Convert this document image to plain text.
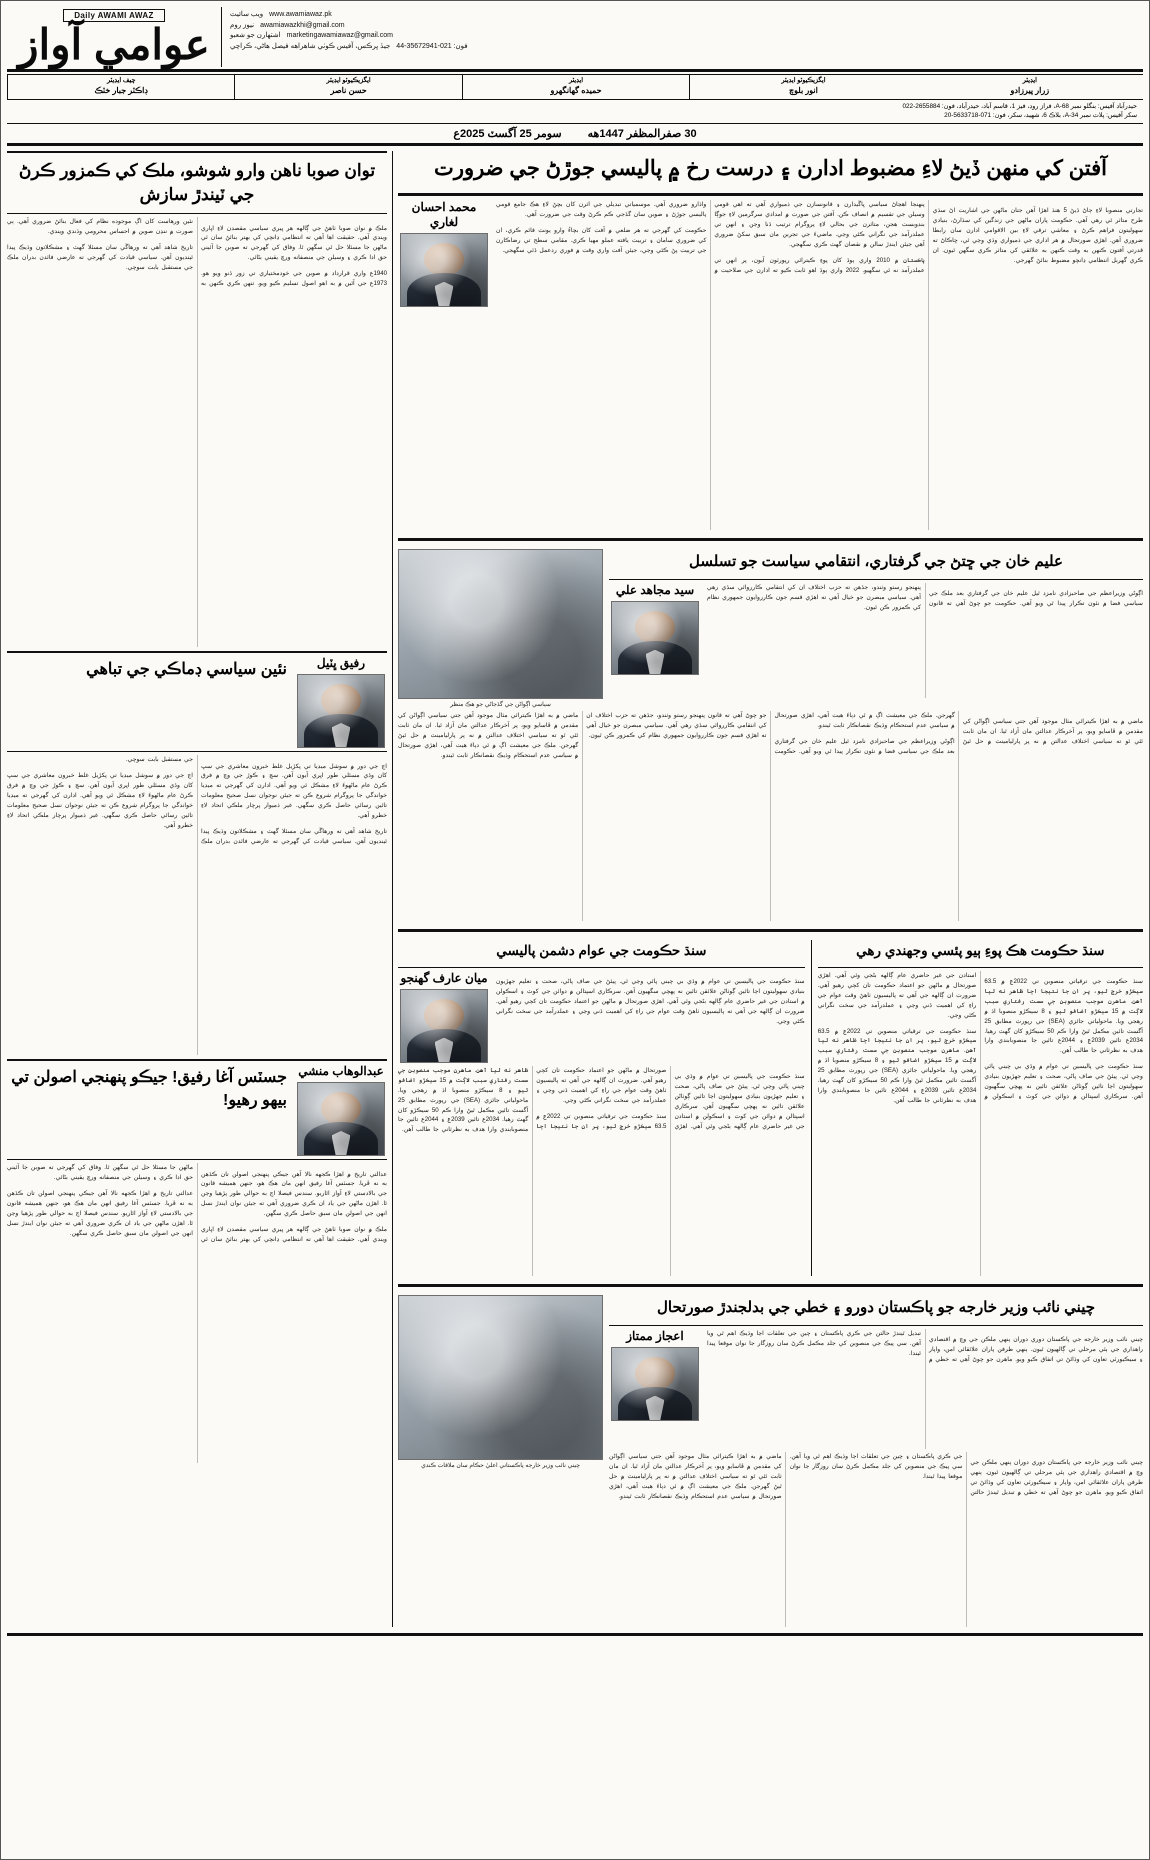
Daily AWAMI AWAZ
عوامي آواز
ويب سائيٽ www.awamiawaz.pk
نيوز روم awamiawazkhi@gmail.com
اشتهارن جو شعبو marketingawamiawaz@gmail.com
جيڏ ڀرڪس، آفيس ڪوٺي شاهراهه فيصل هاڻي، ڪراچي فون: 021-35672941-44
چيف ايڊيٽر
ڊاڪٽر جبار خٽڪ
ايگزيڪيوٽو ايڊيٽر
حسن ناصر
ايڊيٽر
حميده گهانگهرو
ايگزيڪيوٽو ايڊيٽر
انور بلوچ
ايڊيٽر
زرار پيرزادو
حيدرآباد آفيس: بنگلو نمبر 68-A، فراز روڊ، فيز 1، قاسم آباد، حيدرآباد، فون: 2655884-022
سکر آفيس: پلاٽ نمبر 34-A، بلاڪ 6، شهيد، سکر، فون: 071-5633718-20
سومر 25 آگسٽ 2025ع 30 صفرالمظفر 1447هه
توان صوبا ناهن وارو شوشو، ملڪ کي ڪمزور ڪرڻ جي ٽيندڙ سازش

ملڪ ۾ نوان صوبا ٺاهڻ جي ڳالهه هر ڀيري سياسي مقصدن لاءِ اڀاري ويندي آهي. حقيقت اها آهي ته انتظامي ڍانچي کي بهتر بنائڻ سان ئي ماڻهن جا مسئلا حل ٿي سگهن ٿا. وفاق کي گهرجي ته صوبن جا آئيني حق ادا ڪري ۽ وسيلن جي منصفانه ورڇ يقيني بڻائي.

1940ع واري قرارداد ۾ صوبن جي خودمختياري تي زور ڏنو ويو هو. 1973ع جي آئين ۾ به اهو اصول تسليم ڪيو ويو. تنهن ڪري ڪنهن به نئين ورهاست کان اڳ موجوده نظام کي فعال بنائڻ ضروري آهي. ٻي صورت ۾ ننڍن صوبن ۾ احساس محرومي وڌندي ويندي.

تاريخ شاهد آهي ته ورهاڱي سان مسئلا گهٽ ۽ مشڪلاتون وڌيڪ پيدا ٿينديون آهن. سياسي قيادت کي گهرجي ته عارضي فائدن بدران ملڪ جي مستقبل بابت سوچي.

نئين سياسي ڊماڪي جي تباهي رفيق ڀٽيل

اڄ جي دور ۾ سوشل ميڊيا تي پکڙيل غلط خبرون معاشري جي سڀ کان وڏي مسئلي طور اڀري آيون آهن. سچ ۽ ڪوڙ جي وچ ۾ فرق ڪرڻ عام ماڻهوءَ لاءِ مشڪل ٿي ويو آهي. ادارن کي گهرجي ته ميڊيا خواندگي جا پروگرام شروع ڪن ته جيئن نوجوان نسل صحيح معلومات تائين رسائي حاصل ڪري سگهي. غير ذميوار پرچار ملڪي اتحاد لاءِ خطرو آهي.

تاريخ شاهد آهي ته ورهاڱي سان مسئلا گهٽ ۽ مشڪلاتون وڌيڪ پيدا ٿينديون آهن. سياسي قيادت کي گهرجي ته عارضي فائدن بدران ملڪ جي مستقبل بابت سوچي.

اڄ جي دور ۾ سوشل ميڊيا تي پکڙيل غلط خبرون معاشري جي سڀ کان وڏي مسئلي طور اڀري آيون آهن. سچ ۽ ڪوڙ جي وچ ۾ فرق ڪرڻ عام ماڻهوءَ لاءِ مشڪل ٿي ويو آهي. ادارن کي گهرجي ته ميڊيا خواندگي جا پروگرام شروع ڪن ته جيئن نوجوان نسل صحيح معلومات تائين رسائي حاصل ڪري سگهي. غير ذميوار پرچار ملڪي اتحاد لاءِ خطرو آهي.

جسٽس آغا رفيق! جيڪو پنهنجي اصولن تي بيهو رهيو!
عبدالوهاب منشي

عدالتي تاريخ ۾ اهڙا ڪجهه نالا آهن جيڪي پنهنجي اصولن تان ڪڏهن به نه ڦريا. جسٽس آغا رفيق انهن مان هڪ هو، جنهن هميشه قانون جي بالادستي لاءِ آواز اٿاريو. سندس فيصلا اڄ به حوالي طور پڙهيا وڃن ٿا. اهڙن ماڻهن جي ياد ان ڪري ضروري آهي ته جيئن نوان ايندڙ نسل انهن جي اصولن مان سبق حاصل ڪري سگهن.

ملڪ ۾ نوان صوبا ٺاهڻ جي ڳالهه هر ڀيري سياسي مقصدن لاءِ اڀاري ويندي آهي. حقيقت اها آهي ته انتظامي ڍانچي کي بهتر بنائڻ سان ئي ماڻهن جا مسئلا حل ٿي سگهن ٿا. وفاق کي گهرجي ته صوبن جا آئيني حق ادا ڪري ۽ وسيلن جي منصفانه ورڇ يقيني بڻائي.

عدالتي تاريخ ۾ اهڙا ڪجهه نالا آهن جيڪي پنهنجي اصولن تان ڪڏهن به نه ڦريا. جسٽس آغا رفيق انهن مان هڪ هو، جنهن هميشه قانون جي بالادستي لاءِ آواز اٿاريو. سندس فيصلا اڄ به حوالي طور پڙهيا وڃن ٿا. اهڙن ماڻهن جي ياد ان ڪري ضروري آهي ته جيئن نوان ايندڙ نسل انهن جي اصولن مان سبق حاصل ڪري سگهن.

آفتن کي منهن ڏيڻ لاءِ مضبوط ادارن ۽ درست رخ ۾ پاليسي جوڙڻ جي ضرورت
محمد احسان لغاري

تجارتي منصوبا لاءِ ڄاڻ ڏيڻ 5 هنڌ اهڙا آهن جتان ماڻهن جي اشاريت اڻ سڌي طرح متاثر ٿي رهي آهي. حڪومت پاران ماڻهن جي زندگين کي سڌارڻ، بنيادي سهوليتون فراهم ڪرڻ ۽ معاشي ترقي لاءِ بين الاقوامي ادارن سان رابطا ضروري آهن. اهڙي صورتحال ۾ هر اداري جي ذميواري وڌي وڃي ٿي، ڇاڪاڻ ته قدرتي آفتون ڪنهن به وقت ڪنهن به علائقي کي متاثر ڪري سگهن ٿيون. ان ڪري گهربل انتظامي ڍانچو مضبوط بنائڻ گهرجي.

پنهنجا اهڃاڻ سياسي ڀاڱيدارن ۽ قانونسازن جي ذميواري آهي ته اهي قومي وسيلن جي تقسيم ۾ انصاف ڪن. آفتن جي صورت ۾ امدادي سرگرمين لاءِ جوڳا بندوبست هجن، متاثرن جي بحالي لاءِ پروگرام ترتيب ڏنا وڃن ۽ انهن تي عملدرآمد جي نگراني ڪئي وڃي. ماضيءَ جي تجربن مان سبق سکڻ ضروري آهي جيئن ايندڙ سالن ۾ نقصان گهٽ ڪري سگهجي.

پاڪستان ۾ 2010 واري ٻوڏ کان پوءِ ڪيترائي رپورٽون آيون، پر انهن تي عملدرآمد نه ٿي سگهيو. 2022 واري ٻوڏ اهو ثابت ڪيو ته ادارن جي صلاحيت ۾ واڌارو ضروري آهي. موسمياتي تبديلي جي اثرن کان بچڻ لاءِ هڪ جامع قومي پاليسي جوڙڻ ۽ صوبن سان گڏجي ڪم ڪرڻ وقت جي ضرورت آهي.

حڪومت کي گهرجي ته هر ضلعي ۾ آفت کان بچاءُ وارو يونٽ قائم ڪري، ان کي ضروري سامان ۽ تربيت يافته عملو مهيا ڪري. مقامي سطح تي رضاڪارن جي تربيت پڻ ڪئي وڃي، جيئن آفت واري وقت ۾ فوري ردعمل ڏئي سگهجي.

سياسي اڳواڻن جي گڏجاڻي جو هڪ منظر
عليم خان جي ڇتڻ جي گرفتاري، انتقامي سياست جو تسلسل
سيد مجاهد علي	اڳوڻي وزيراعظم جي صاحبزادي نامزد ٿيل عليم خان جي گرفتاري بعد ملڪ جي سياسي فضا ۾ نئون تڪرار پيدا ٿي ويو آهي. حڪومت جو چوڻ آهي ته قانون پنهنجو رستو وٺندو، جڏهن ته حزب اختلاف ان کي انتقامي ڪارروائي سڏي رهي آهي. سياسي مبصرن جو خيال آهي ته اهڙي قسم جون ڪارروايون جمهوري نظام کي ڪمزور ڪن ٿيون.

ماضي ۾ به اهڙا ڪيترائي مثال موجود آهن جتي سياسي اڳواڻن کي مقدمن ۾ ڦاسايو ويو، پر آخرڪار عدالتن مان آزاد ٿيا. ان مان ثابت ٿئي ٿو ته سياسي اختلاف عدالتن ۾ نه پر پارليامينٽ ۾ حل ٿيڻ گهرجن. ملڪ جي معيشت اڳ ۾ ئي دٻاءَ هيٺ آهي، اهڙي صورتحال ۾ سياسي عدم استحڪام وڌيڪ نقصانڪار ثابت ٿيندو.

اڳوڻي وزيراعظم جي صاحبزادي نامزد ٿيل عليم خان جي گرفتاري بعد ملڪ جي سياسي فضا ۾ نئون تڪرار پيدا ٿي ويو آهي. حڪومت جو چوڻ آهي ته قانون پنهنجو رستو وٺندو، جڏهن ته حزب اختلاف ان کي انتقامي ڪارروائي سڏي رهي آهي. سياسي مبصرن جو خيال آهي ته اهڙي قسم جون ڪارروايون جمهوري نظام کي ڪمزور ڪن ٿيون.

ماضي ۾ به اهڙا ڪيترائي مثال موجود آهن جتي سياسي اڳواڻن کي مقدمن ۾ ڦاسايو ويو، پر آخرڪار عدالتن مان آزاد ٿيا. ان مان ثابت ٿئي ٿو ته سياسي اختلاف عدالتن ۾ نه پر پارليامينٽ ۾ حل ٿيڻ گهرجن. ملڪ جي معيشت اڳ ۾ ئي دٻاءَ هيٺ آهي، اهڙي صورتحال ۾ سياسي عدم استحڪام وڌيڪ نقصانڪار ثابت ٿيندو.

سنڌ حڪومت جي عوام دشمن پاليسي
ميان عارف گهنجو سنڌ حڪومت جي پاليسين تي عوام ۾ وڏي بي چيني پائي وڃي ٿي. پيئڻ جي صاف پاڻي، صحت ۽ تعليم جهڙيون بنيادي سهوليتون اڃا تائين ڳوٺاڻن علائقن تائين نه پهچي سگهيون آهن. سرڪاري اسپتالن ۾ دوائن جي کوٽ ۽ اسڪولن ۾ استادن جي غير حاضري عام ڳالهه بڻجي وئي آهي. اهڙي صورتحال ۾ ماڻهن جو اعتماد حڪومت تان کڄي رهيو آهي. ضرورت ان ڳالهه جي آهي ته پاليسيون ٺاهڻ وقت عوام جي راءِ کي اهميت ڏني وڃي ۽ عملدرآمد جي سخت نگراني ڪئي وڃي.

سنڌ حڪومت جي پاليسين تي عوام ۾ وڏي بي چيني پائي وڃي ٿي. پيئڻ جي صاف پاڻي، صحت ۽ تعليم جهڙيون بنيادي سهوليتون اڃا تائين ڳوٺاڻن علائقن تائين نه پهچي سگهيون آهن. سرڪاري اسپتالن ۾ دوائن جي کوٽ ۽ اسڪولن ۾ استادن جي غير حاضري عام ڳالهه بڻجي وئي آهي. اهڙي صورتحال ۾ ماڻهن جو اعتماد حڪومت تان کڄي رهيو آهي. ضرورت ان ڳالهه جي آهي ته پاليسيون ٺاهڻ وقت عوام جي راءِ کي اهميت ڏني وڃي ۽ عملدرآمد جي سخت نگراني ڪئي وڃي.

سنڌ حڪومت جي ترقياتي منصوبن تي 2022ع ۾ 63.5 سيڪڙو خرچ ٿيو، پر ان جا نتيجا اڃا ظاهر نه ٿيا آهن. ماهرن موجب منصوبن جي سست رفتاري سبب لاڳت ۾ 15 سيڪڙو اضافو ٿيو ۽ 8 سيڪڙو منصوبا اڌ ۾ رهجي ويا. ماحولياتي جائزي (SEA) جي رپورٽ مطابق 25 آگسٽ تائين مڪمل ٿيڻ وارا ڪم 50 سيڪڙو کان گهٽ رهيا. 2034ع تائين 2039ع ۽ 2044ع تائين جا منصوبابندي وارا هدف به نظرثاني جا طالب آهن.

سنڌ حڪومت هڪ پوءِ ٻيو پئسي وجهندي رهي

سنڌ حڪومت جي ترقياتي منصوبن تي 2022ع ۾ 63.5 سيڪڙو خرچ ٿيو، پر ان جا نتيجا اڃا ظاهر نه ٿيا آهن. ماهرن موجب منصوبن جي سست رفتاري سبب لاڳت ۾ 15 سيڪڙو اضافو ٿيو ۽ 8 سيڪڙو منصوبا اڌ ۾ رهجي ويا. ماحولياتي جائزي (SEA) جي رپورٽ مطابق 25 آگسٽ تائين مڪمل ٿيڻ وارا ڪم 50 سيڪڙو کان گهٽ رهيا. 2034ع تائين 2039ع ۽ 2044ع تائين جا منصوبابندي وارا هدف به نظرثاني جا طالب آهن.

سنڌ حڪومت جي پاليسين تي عوام ۾ وڏي بي چيني پائي وڃي ٿي. پيئڻ جي صاف پاڻي، صحت ۽ تعليم جهڙيون بنيادي سهوليتون اڃا تائين ڳوٺاڻن علائقن تائين نه پهچي سگهيون آهن. سرڪاري اسپتالن ۾ دوائن جي کوٽ ۽ اسڪولن ۾ استادن جي غير حاضري عام ڳالهه بڻجي وئي آهي. اهڙي صورتحال ۾ ماڻهن جو اعتماد حڪومت تان کڄي رهيو آهي. ضرورت ان ڳالهه جي آهي ته پاليسيون ٺاهڻ وقت عوام جي راءِ کي اهميت ڏني وڃي ۽ عملدرآمد جي سخت نگراني ڪئي وڃي.

سنڌ حڪومت جي ترقياتي منصوبن تي 2022ع ۾ 63.5 سيڪڙو خرچ ٿيو، پر ان جا نتيجا اڃا ظاهر نه ٿيا آهن. ماهرن موجب منصوبن جي سست رفتاري سبب لاڳت ۾ 15 سيڪڙو اضافو ٿيو ۽ 8 سيڪڙو منصوبا اڌ ۾ رهجي ويا. ماحولياتي جائزي (SEA) جي رپورٽ مطابق 25 آگسٽ تائين مڪمل ٿيڻ وارا ڪم 50 سيڪڙو کان گهٽ رهيا. 2034ع تائين 2039ع ۽ 2044ع تائين جا منصوبابندي وارا هدف به نظرثاني جا طالب آهن.

چيني نائب وزير خارجه پاڪستاني اعليٰ حڪام سان ملاقات ڪندي
چيني نائب وزير خارجه جو پاڪستان دورو ۽ خطي جي بدلجندڙ صورتحال
اعجاز ممتاز	چيني نائب وزير خارجه جي پاڪستان دوري دوران ٻنهي ملڪن جي وچ ۾ اقتصادي راهداري جي ٻئي مرحلي تي ڳالهيون ٿيون. ٻنهي طرفن پاران علائقائي امن، واپار ۽ سيڪيورٽي تعاون کي وڌائڻ تي اتفاق ڪيو ويو. ماهرن جو چوڻ آهي ته خطي ۾ تبديل ٿيندڙ حالتن جي ڪري پاڪستان ۽ چين جي تعلقات اڃا وڌيڪ اهم ٿي ويا آهن. سي پيڪ جي منصوبن کي جلد مڪمل ڪرڻ سان روزگار جا نوان موقعا پيدا ٿيندا.

چيني نائب وزير خارجه جي پاڪستان دوري دوران ٻنهي ملڪن جي وچ ۾ اقتصادي راهداري جي ٻئي مرحلي تي ڳالهيون ٿيون. ٻنهي طرفن پاران علائقائي امن، واپار ۽ سيڪيورٽي تعاون کي وڌائڻ تي اتفاق ڪيو ويو. ماهرن جو چوڻ آهي ته خطي ۾ تبديل ٿيندڙ حالتن جي ڪري پاڪستان ۽ چين جي تعلقات اڃا وڌيڪ اهم ٿي ويا آهن. سي پيڪ جي منصوبن کي جلد مڪمل ڪرڻ سان روزگار جا نوان موقعا پيدا ٿيندا.

ماضي ۾ به اهڙا ڪيترائي مثال موجود آهن جتي سياسي اڳواڻن کي مقدمن ۾ ڦاسايو ويو، پر آخرڪار عدالتن مان آزاد ٿيا. ان مان ثابت ٿئي ٿو ته سياسي اختلاف عدالتن ۾ نه پر پارليامينٽ ۾ حل ٿيڻ گهرجن. ملڪ جي معيشت اڳ ۾ ئي دٻاءَ هيٺ آهي، اهڙي صورتحال ۾ سياسي عدم استحڪام وڌيڪ نقصانڪار ثابت ٿيندو.
